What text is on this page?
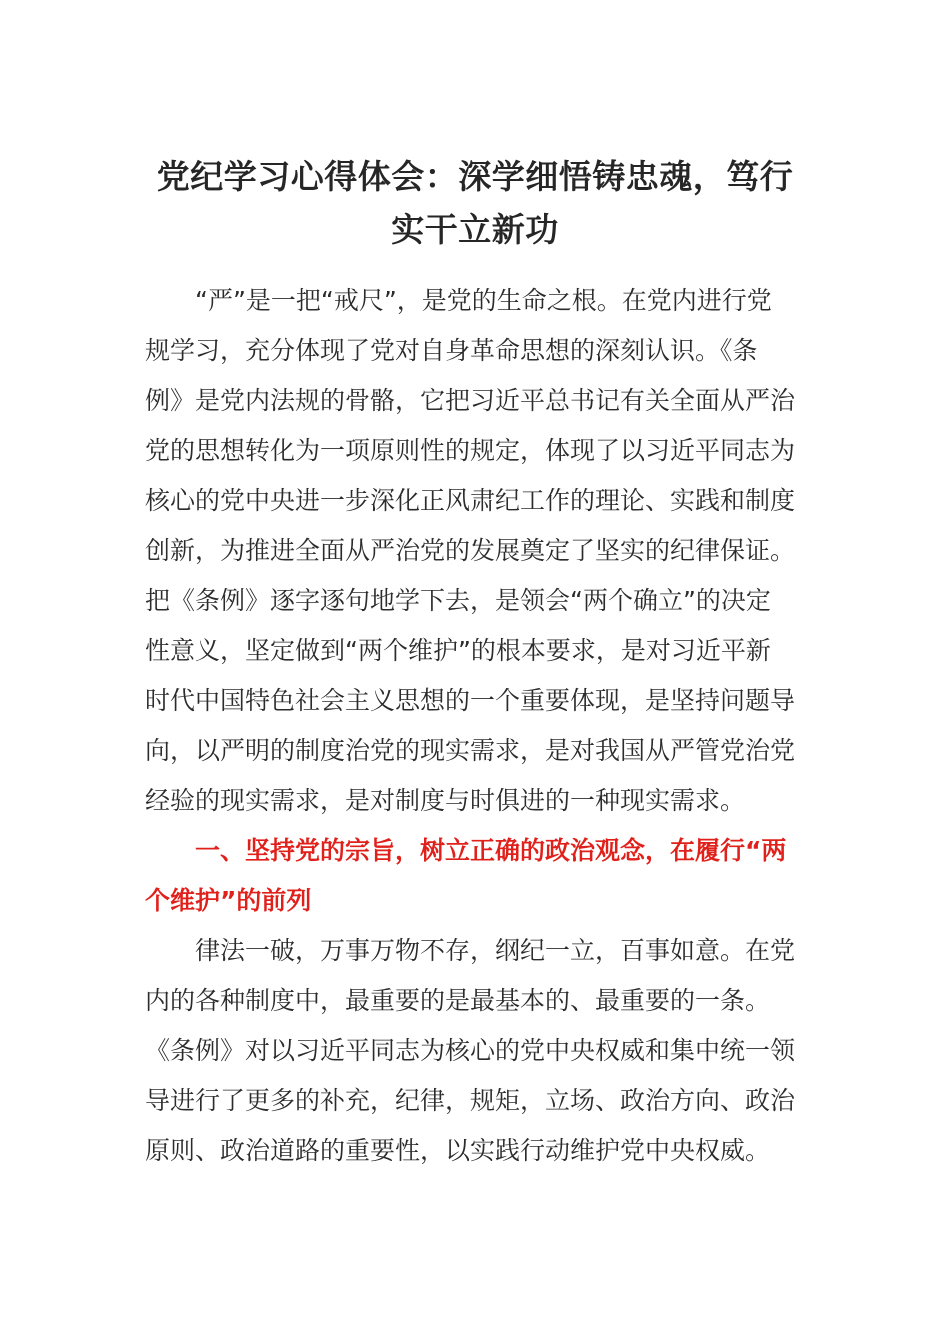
党纪学习心得体会：深学细悟铸忠魂，笃行
实干立新功
“严”是一把“戒尺”，是党的生命之根。在党内进行党
规学习，充分体现了党对自身革命思想的深刻认识。《条
例》是党内法规的骨骼，它把习近平总书记有关全面从严治
党的思想转化为一项原则性的规定，体现了以习近平同志为
核心的党中央进一步深化正风肃纪工作的理论、实践和制度
创新，为推进全面从严治党的发展奠定了坚实的纪律保证。
把《条例》逐字逐句地学下去，是领会“两个确立”的决定
性意义，坚定做到“两个维护”的根本要求，是对习近平新
时代中国特色社会主义思想的一个重要体现，是坚持问题导
向，以严明的制度治党的现实需求，是对我国从严管党治党
经验的现实需求，是对制度与时俱进的一种现实需求。
一、坚持党的宗旨，树立正确的政治观念，在履行“两
个维护”的前列
律法一破，万事万物不存，纲纪一立，百事如意。在党
内的各种制度中，最重要的是最基本的、最重要的一条。
《条例》对以习近平同志为核心的党中央权威和集中统一领
导进行了更多的补充，纪律，规矩，立场、政治方向、政治
原则、政治道路的重要性，以实践行动维护党中央权威。
